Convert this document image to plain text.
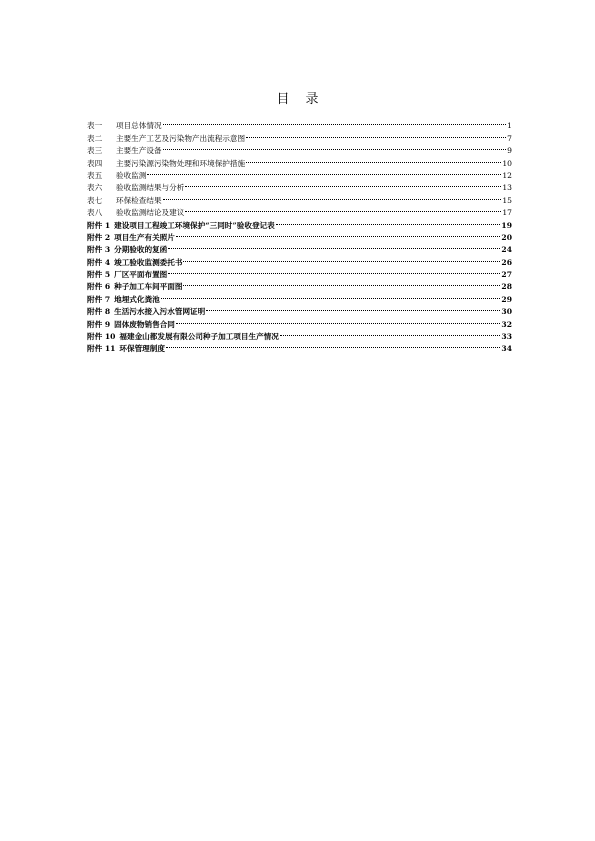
目 录
表一 项目总体情况	1
表二 主要生产工艺及污染物产出流程示意图	7
表三 主要生产设备	9
表四 主要污染源污染物处理和环境保护措施	10
表五 验收监测	12
表六 验收监测结果与分析	13
表七 环保检查结果	15
表八 验收监测结论及建议	17
附件 1 建设项目工程竣工环境保护“三同时”验收登记表	19
附件 2 项目生产有关照片	20
附件 3 分期验收的复函	24
附件 4 竣工验收监测委托书	26
附件 5 厂区平面布置图	27
附件 6 种子加工车间平面图	28
附件 7 地埋式化粪池	29
附件 8 生活污水接入污水管网证明	30
附件 9 固体废物销售合同	32
附件 10 福建金山都发展有限公司种子加工项目生产情况	33
附件 11 环保管理制度	34
